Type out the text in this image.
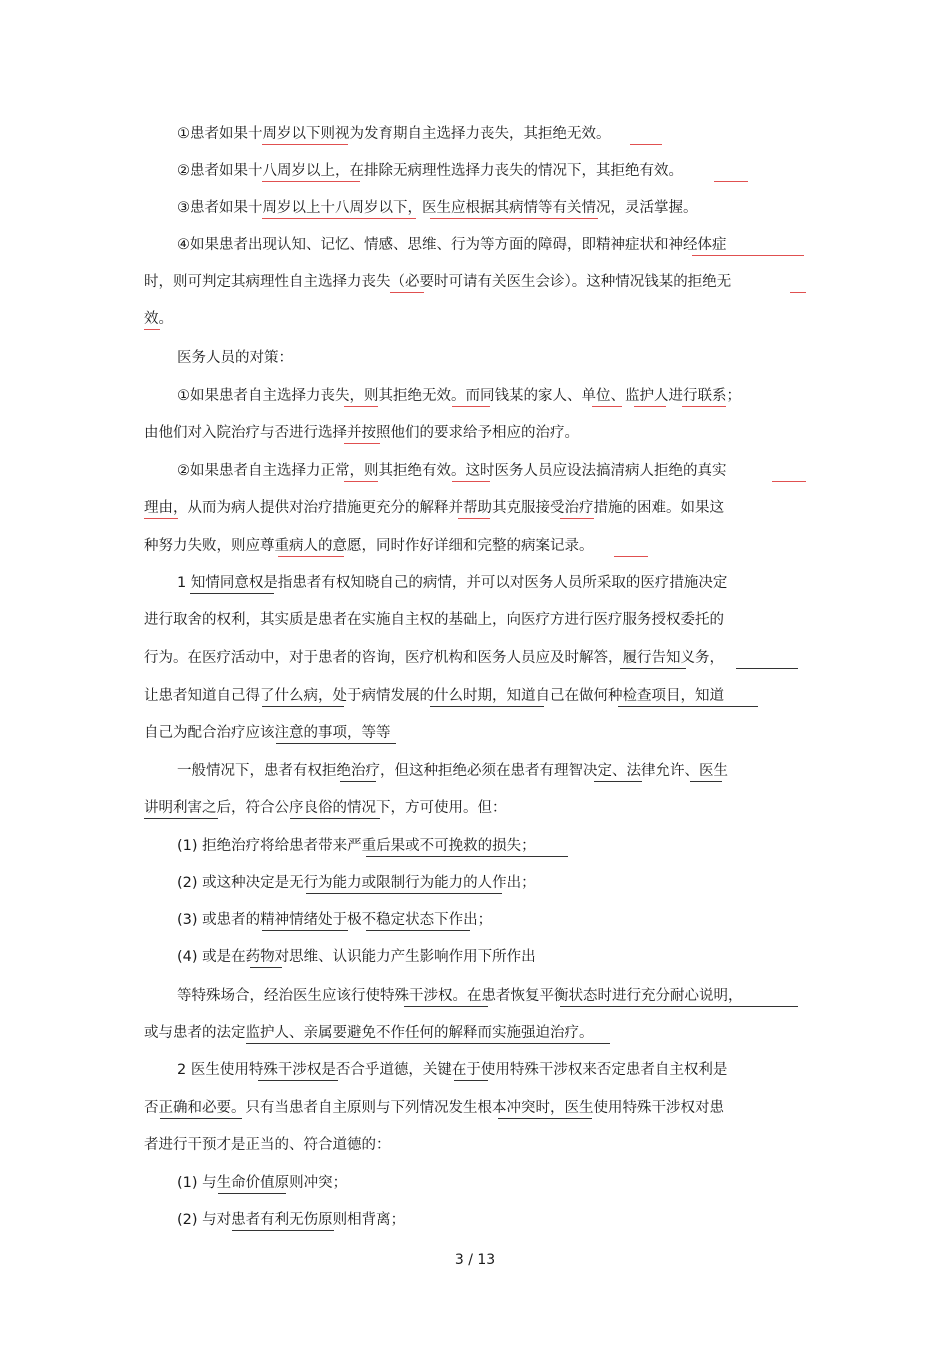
①患者如果十周岁以下则视为发育期自主选择力丧失，其拒绝无效。
②患者如果十八周岁以上，在排除无病理性选择力丧失的情况下，其拒绝有效。
③患者如果十周岁以上十八周岁以下，医生应根据其病情等有关情况，灵活掌握。
④如果患者出现认知、记忆、情感、思维、行为等方面的障碍，即精神症状和神经体症
时，则可判定其病理性自主选择力丧失（必要时可请有关医生会诊）。这种情况钱某的拒绝无
效。
医务人员的对策：
①如果患者自主选择力丧失，则其拒绝无效。而同钱某的家人、单位、监护人进行联系；
由他们对入院治疗与否进行选择并按照他们的要求给予相应的治疗。
②如果患者自主选择力正常，则其拒绝有效。这时医务人员应设法搞清病人拒绝的真实
理由，从而为病人提供对治疗措施更充分的解释并帮助其克服接受治疗措施的困难。如果这
种努力失败，则应尊重病人的意愿，同时作好详细和完整的病案记录。
1 知情同意权是指患者有权知晓自己的病情，并可以对医务人员所采取的医疗措施决定
进行取舍的权利，其实质是患者在实施自主权的基础上，向医疗方进行医疗服务授权委托的
行为。在医疗活动中，对于患者的咨询，医疗机构和医务人员应及时解答，履行告知义务，
让患者知道自己得了什么病，处于病情发展的什么时期，知道自己在做何种检查项目，知道
自己为配合治疗应该注意的事项，等等
一般情况下，患者有权拒绝治疗，但这种拒绝必须在患者有理智决定、法律允许、医生
讲明利害之后，符合公序良俗的情况下，方可使用。但：
(1) 拒绝治疗将给患者带来严重后果或不可挽救的损失；
(2) 或这种决定是无行为能力或限制行为能力的人作出；
(3) 或患者的精神情绪处于极不稳定状态下作出；
(4) 或是在药物对思维、认识能力产生影响作用下所作出
等特殊场合，经治医生应该行使特殊干涉权。在患者恢复平衡状态时进行充分耐心说明，
或与患者的法定监护人、亲属要避免不作任何的解释而实施强迫治疗。
2 医生使用特殊干涉权是否合乎道德，关键在于使用特殊干涉权来否定患者自主权利是
否正确和必要。只有当患者自主原则与下列情况发生根本冲突时，医生使用特殊干涉权对患
者进行干预才是正当的、符合道德的：
(1) 与生命价值原则冲突；
(2) 与对患者有利无伤原则相背离；
3 / 13
